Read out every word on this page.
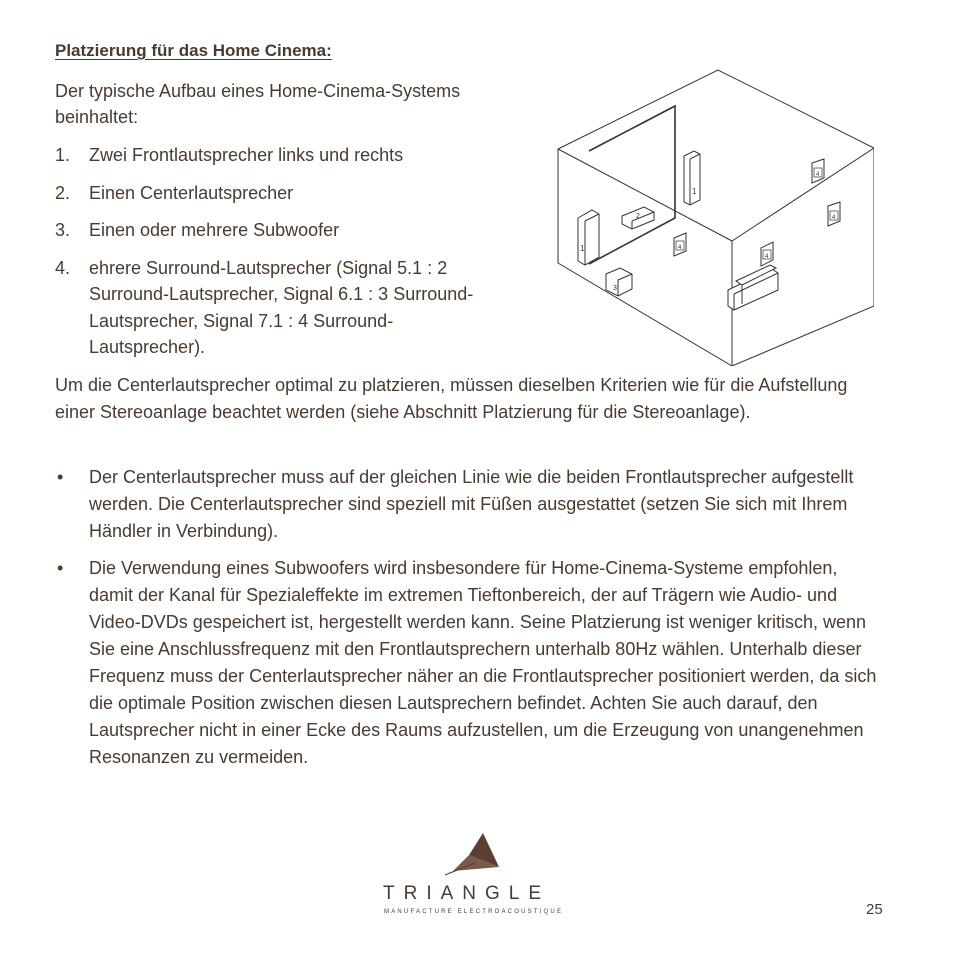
Platzierung für das Home Cinema:

Der typische Aufbau eines Home-Cinema-Systems beinhaltet:

1. Zwei Frontlautsprecher links und rechts
2. Einen Centerlautsprecher
3. Einen oder mehrere Subwoofer
4. ehrere Surround-Lautsprecher (Signal 5.1 : 2 Surround-Lautsprecher, Signal 6.1 : 3 Surround-Lautsprecher, Signal 7.1 : 4 Surround-Lautsprecher).
1
1
2
3
4
4
4
4

Um die Centerlautsprecher optimal zu platzieren, müssen dieselben Kriterien wie für die Aufstellung einer Stereoanlage beachtet werden (siehe Abschnitt Platzierung für die Stereoanlage).

• Der Centerlautsprecher muss auf der gleichen Linie wie die beiden Frontlautsprecher aufgestellt werden. Die Centerlautsprecher sind speziell mit Füßen ausgestattet (setzen Sie sich mit Ihrem Händler in Verbindung).
• Die Verwendung eines Subwoofers wird insbesondere für Home-Cinema-Systeme empfohlen, damit der Kanal für Spezialeffekte im extremen Tieftonbereich, der auf Trägern wie Audio- und Video-DVDs gespeichert ist, hergestellt werden kann. Seine Platzierung ist weniger kritisch, wenn Sie eine Anschlussfrequenz mit den Frontlautsprechern unterhalb 80Hz wählen. Unterhalb dieser Frequenz muss der Centerlautsprecher näher an die Frontlautsprecher positioniert werden, da sich die optimale Position zwischen diesen Lautsprechern befindet. Achten Sie auch darauf, den Lautsprecher nicht in einer Ecke des Raums aufzustellen, um die Erzeugung von unangenehmen Resonanzen zu vermeiden.

TRIANGLE

MANUFACTURE ELECTROACOUSTIQUE	25
